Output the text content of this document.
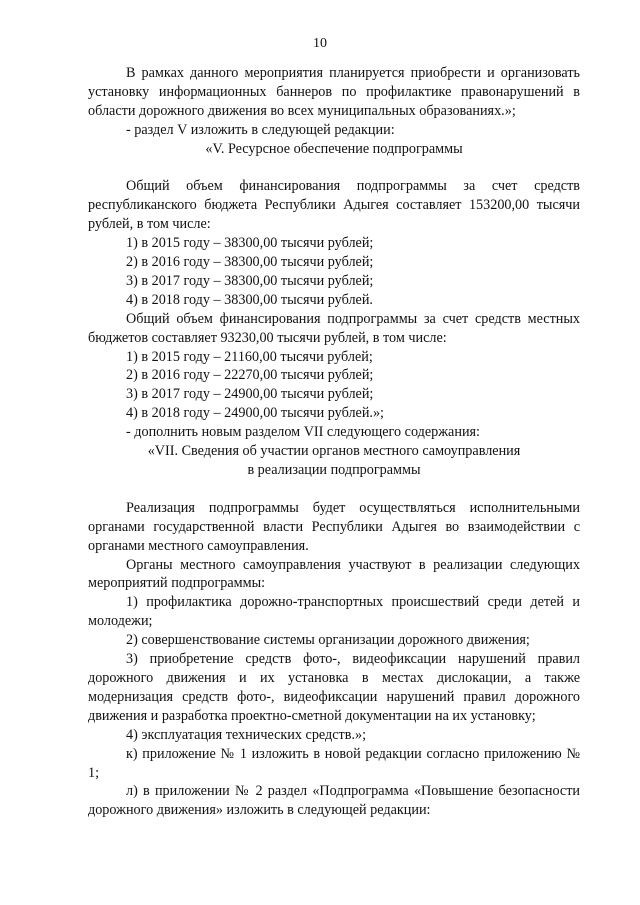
10

В рамках данного мероприятия планируется приобрести и организовать установку информационных баннеров по профилактике правонарушений в области дорожного движения во всех муниципальных образованиях.»;

- раздел V изложить в следующей редакции:

«V. Ресурсное обеспечение подпрограммы

Общий объем финансирования подпрограммы за счет средств республиканского бюджета Республики Адыгея составляет 153200,00 тысячи рублей, в том числе:

1) в 2015 году – 38300,00 тысячи рублей;

2) в 2016 году – 38300,00 тысячи рублей;

3) в 2017 году – 38300,00 тысячи рублей;

4) в 2018 году – 38300,00 тысячи рублей.

Общий объем финансирования подпрограммы за счет средств местных бюджетов составляет 93230,00 тысячи рублей, в том числе:

1) в 2015 году – 21160,00 тысячи рублей;

2) в 2016 году – 22270,00 тысячи рублей;

3) в 2017 году – 24900,00 тысячи рублей;

4) в 2018 году – 24900,00 тысячи рублей.»;

- дополнить новым разделом VII следующего содержания:

«VII. Сведения об участии органов местного самоуправления

в реализации подпрограммы

Реализация подпрограммы будет осуществляться исполнительными органами государственной власти Республики Адыгея во взаимодействии с органами местного самоуправления.

Органы местного самоуправления участвуют в реализации следующих мероприятий подпрограммы:

1) профилактика дорожно-транспортных происшествий среди детей и молодежи;

2) совершенствование системы организации дорожного движения;

3) приобретение средств фото-, видеофиксации нарушений правил дорожного движения и их установка в местах дислокации, а также модернизация средств фото-, видеофиксации нарушений правил дорожного движения и разработка проектно-сметной документации на их установку;

4) эксплуатация технических средств.»;

к) приложение № 1 изложить в новой редакции согласно приложению № 1;

л) в приложении № 2 раздел «Подпрограмма «Повышение безопасности дорожного движения» изложить в следующей редакции:
